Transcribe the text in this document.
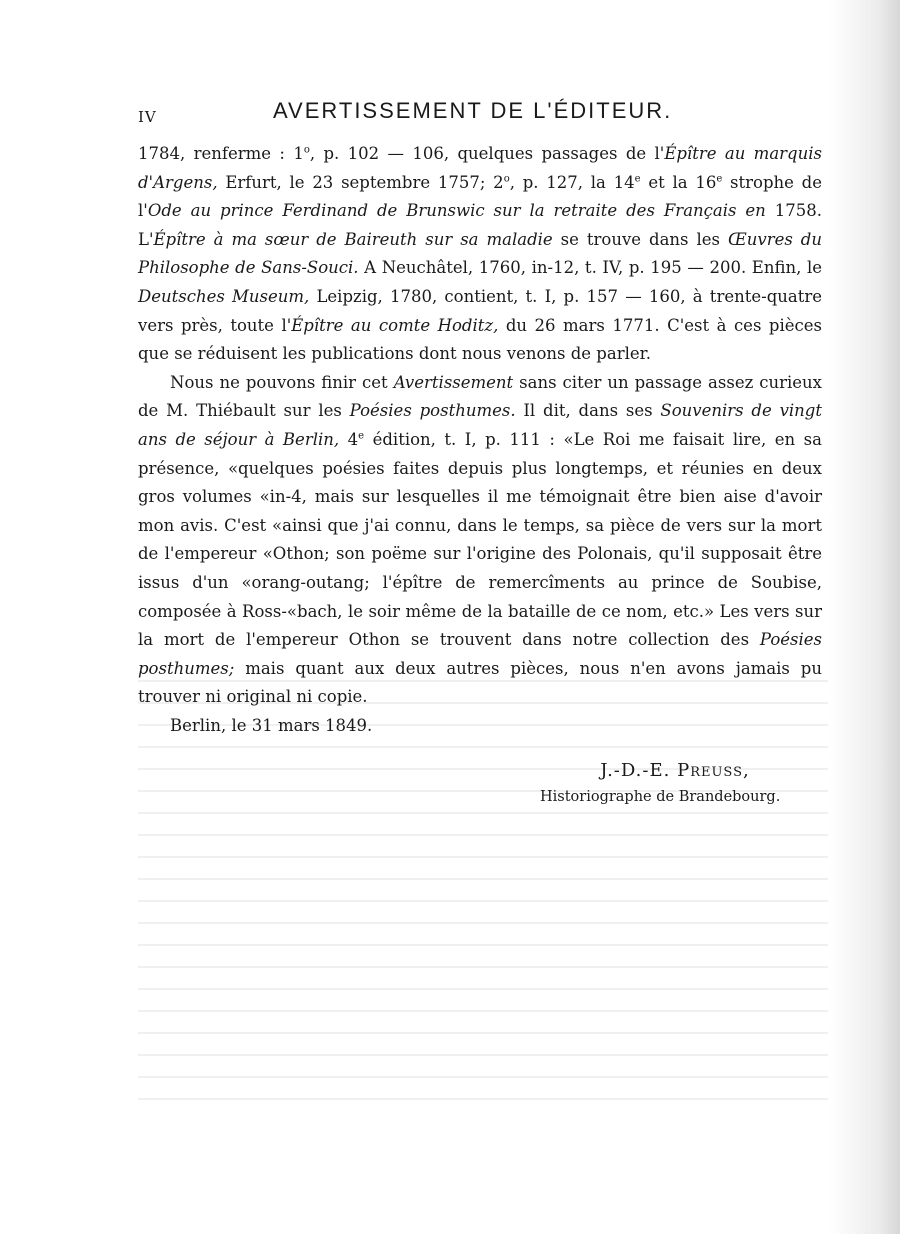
IV	AVERTISSEMENT DE L'ÉDITEUR.

1784, renferme : 1$^o$, p. 102 — 106, quelques passages de l'Épître au marquis d'Argens, Erfurt, le 23 septembre 1757; 2$^o$, p. 127, la 14e et la 16e strophe de l'Ode au prince Ferdinand de Brunswic sur la retraite des Français en 1758. L'Épître à ma sœur de Baireuth sur sa maladie se trouve dans les Œuvres du Philosophe de Sans-Souci. A Neuchâtel, 1760, in-12, t. IV, p. 195 — 200. Enfin, le Deutsches Museum, Leipzig, 1780, contient, t. I, p. 157 — 160, à trente-quatre vers près, toute l'Épître au comte Hoditz, du 26 mars 1771. C'est à ces pièces que se réduisent les publications dont nous venons de parler.

Nous ne pouvons finir cet Avertissement sans citer un passage assez curieux de M. Thiébault sur les Poésies posthumes. Il dit, dans ses Souvenirs de vingt ans de séjour à Berlin, 4e édition, t. I, p. 111 : «Le Roi me faisait lire, en sa présence, «quelques poésies faites depuis plus longtemps, et réunies en deux gros volumes «in-4, mais sur lesquelles il me témoignait être bien aise d'avoir mon avis. C'est «ainsi que j'ai connu, dans le temps, sa pièce de vers sur la mort de l'empereur «Othon; son poëme sur l'origine des Polonais, qu'il supposait être issus d'un «orang-outang; l'épître de remercîments au prince de Soubise, composée à Ross-«bach, le soir même de la bataille de ce nom, etc.» Les vers sur la mort de l'empereur Othon se trouvent dans notre collection des Poésies posthumes; mais quant aux deux autres pièces, nous n'en avons jamais pu trouver ni original ni copie.

Berlin, le 31 mars 1849.

J.-D.-E. Preuss,
Historiographe de Brandebourg.
